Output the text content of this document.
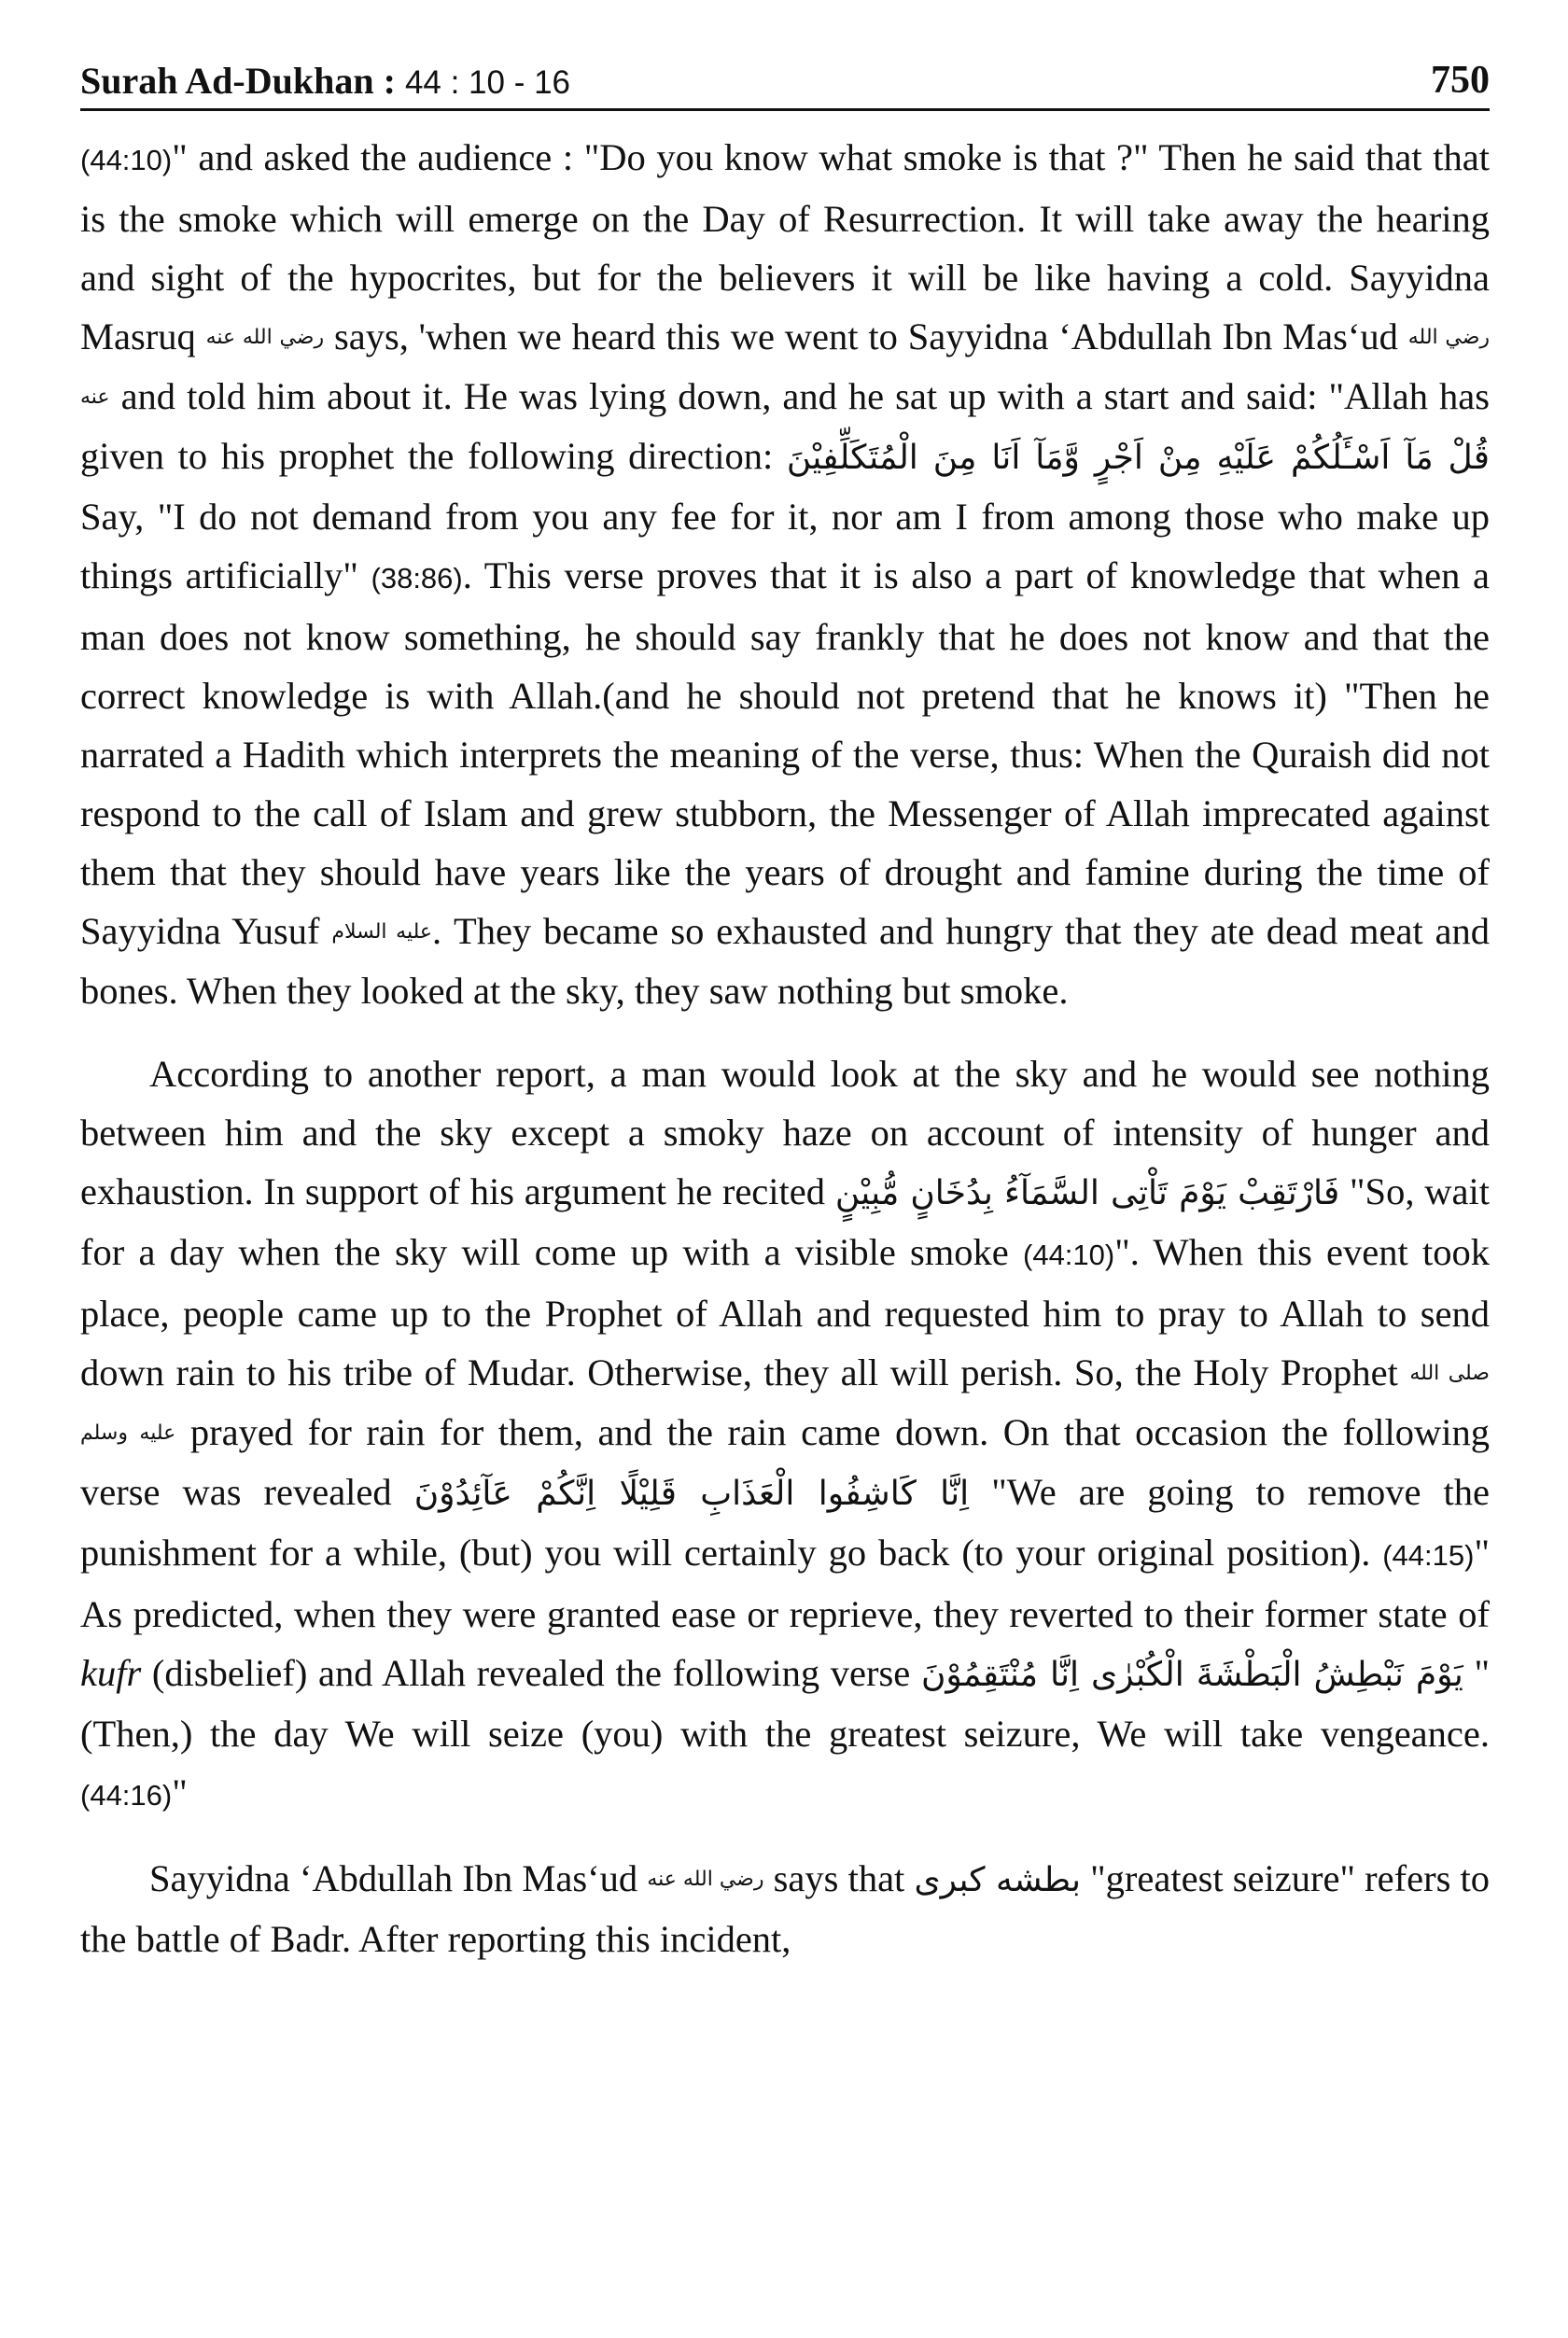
Surah Ad-Dukhan : 44 : 10 - 16	750

(44:10)" and asked the audience : "Do you know what smoke is that ?" Then he said that that is the smoke which will emerge on the Day of Resurrection. It will take away the hearing and sight of the hypocrites, but for the believers it will be like having a cold. Sayyidna Masruq رضي الله عنه says, 'when we heard this we went to Sayyidna ‘Abdullah Ibn Mas‘ud رضي الله عنه and told him about it. He was lying down, and he sat up with a start and said: "Allah has given to his prophet the following direction: قُلْ مَآ اَسْـَٔلُكُمْ عَلَيْهِ مِنْ اَجْرٍ وَّمَآ اَنَا مِنَ الْمُتَكَلِّفِيْنَ Say, "I do not demand from you any fee for it, nor am I from among those who make up things artificially" (38:86). This verse proves that it is also a part of knowledge that when a man does not know something, he should say frankly that he does not know and that the correct knowledge is with Allah.(and he should not pretend that he knows it) "Then he narrated a Hadith which interprets the meaning of the verse, thus: When the Quraish did not respond to the call of Islam and grew stubborn, the Messenger of Allah imprecated against them that they should have years like the years of drought and famine during the time of Sayyidna Yusuf عليه السلام. They became so exhausted and hungry that they ate dead meat and bones. When they looked at the sky, they saw nothing but smoke.

According to another report, a man would look at the sky and he would see nothing between him and the sky except a smoky haze on account of intensity of hunger and exhaustion. In support of his argument he recited فَارْتَقِبْ يَوْمَ تَاْتِى السَّمَآءُ بِدُخَانٍ مُّبِيْنٍ "So, wait for a day when the sky will come up with a visible smoke (44:10)". When this event took place, people came up to the Prophet of Allah and requested him to pray to Allah to send down rain to his tribe of Mudar. Otherwise, they all will perish. So, the Holy Prophet صلى الله عليه وسلم prayed for rain for them, and the rain came down. On that occasion the following verse was revealed اِنَّا كَاشِفُوا الْعَذَابِ قَلِيْلًا اِنَّكُمْ عَآئِدُوْنَ "We are going to remove the punishment for a while, (but) you will certainly go back (to your original position). (44:15)" As predicted, when they were granted ease or reprieve, they reverted to their former state of kufr (disbelief) and Allah revealed the following verse يَوْمَ نَبْطِشُ الْبَطْشَةَ الْكُبْرٰى اِنَّا مُنْتَقِمُوْنَ "(Then,) the day We will seize (you) with the greatest seizure, We will take vengeance. (44:16)"

Sayyidna ‘Abdullah Ibn Mas‘ud رضي الله عنه says that بطشه كبرى "greatest seizure" refers to the battle of Badr. After reporting this incident,
